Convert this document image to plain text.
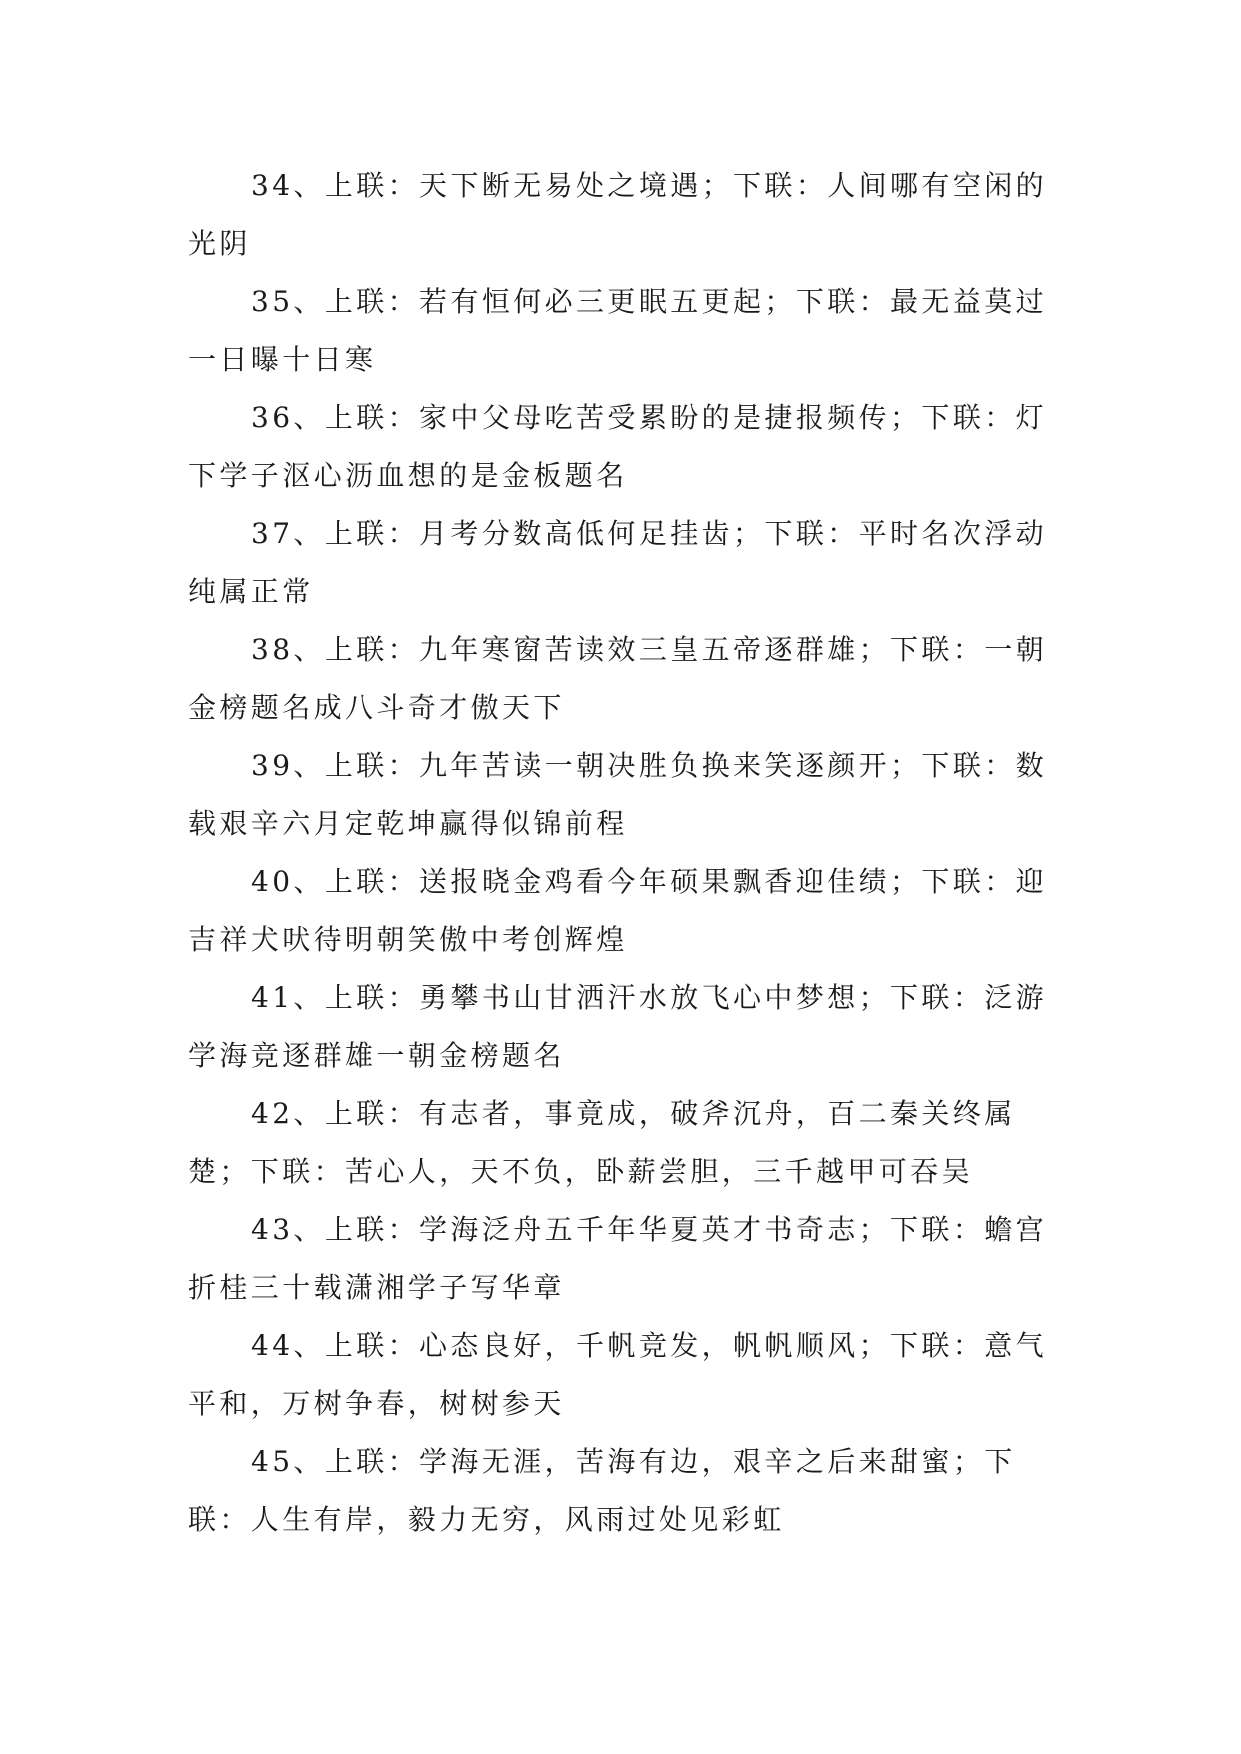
34、上联：天下断无易处之境遇；下联：人间哪有空闲的光阴

35、上联：若有恒何必三更眠五更起；下联：最无益莫过一日曝十日寒

36、上联：家中父母吃苦受累盼的是捷报频传；下联：灯下学子沤心沥血想的是金板题名

37、上联：月考分数高低何足挂齿；下联：平时名次浮动纯属正常

38、上联：九年寒窗苦读效三皇五帝逐群雄；下联：一朝金榜题名成八斗奇才傲天下

39、上联：九年苦读一朝决胜负换来笑逐颜开；下联：数载艰辛六月定乾坤赢得似锦前程

40、上联：送报晓金鸡看今年硕果飘香迎佳绩；下联：迎吉祥犬吠待明朝笑傲中考创辉煌

41、上联：勇攀书山甘洒汗水放飞心中梦想；下联：泛游学海竞逐群雄一朝金榜题名

42、上联：有志者，事竟成，破斧沉舟，百二秦关终属楚；下联：苦心人，天不负，卧薪尝胆，三千越甲可吞吴

43、上联：学海泛舟五千年华夏英才书奇志；下联：蟾宫折桂三十载潇湘学子写华章

44、上联：心态良好，千帆竞发，帆帆顺风；下联：意气平和，万树争春，树树参天

45、上联：学海无涯，苦海有边，艰辛之后来甜蜜；下联：人生有岸，毅力无穷，风雨过处见彩虹
